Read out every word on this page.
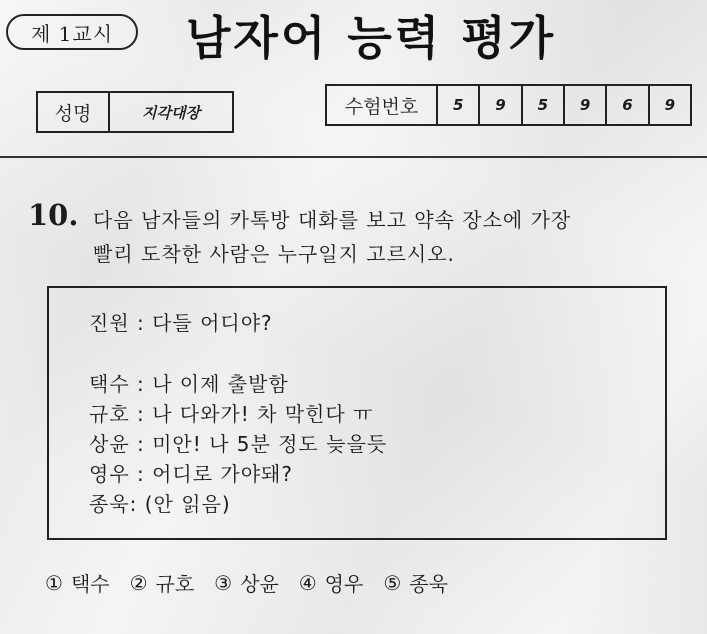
제 1교시 남자어 능력 평가
성명	지각대장	수험번호	5	9	5	9	6	9
10. 다음 남자들의 카톡방 대화를 보고 약속 장소에 가장
빨리 도착한 사람은 누구일지 고르시오.
진원 : 다들 어디야?
택수 : 나 이제 출발함
규호 : 나 다와가! 차 막힌다 ㅠ
상윤 : 미안! 나 5분 정도 늦을듯
영우 : 어디로 가야돼?
종욱: (안 읽음)
① 택수 ② 규호 ③ 상윤 ④ 영우 ⑤ 종욱
